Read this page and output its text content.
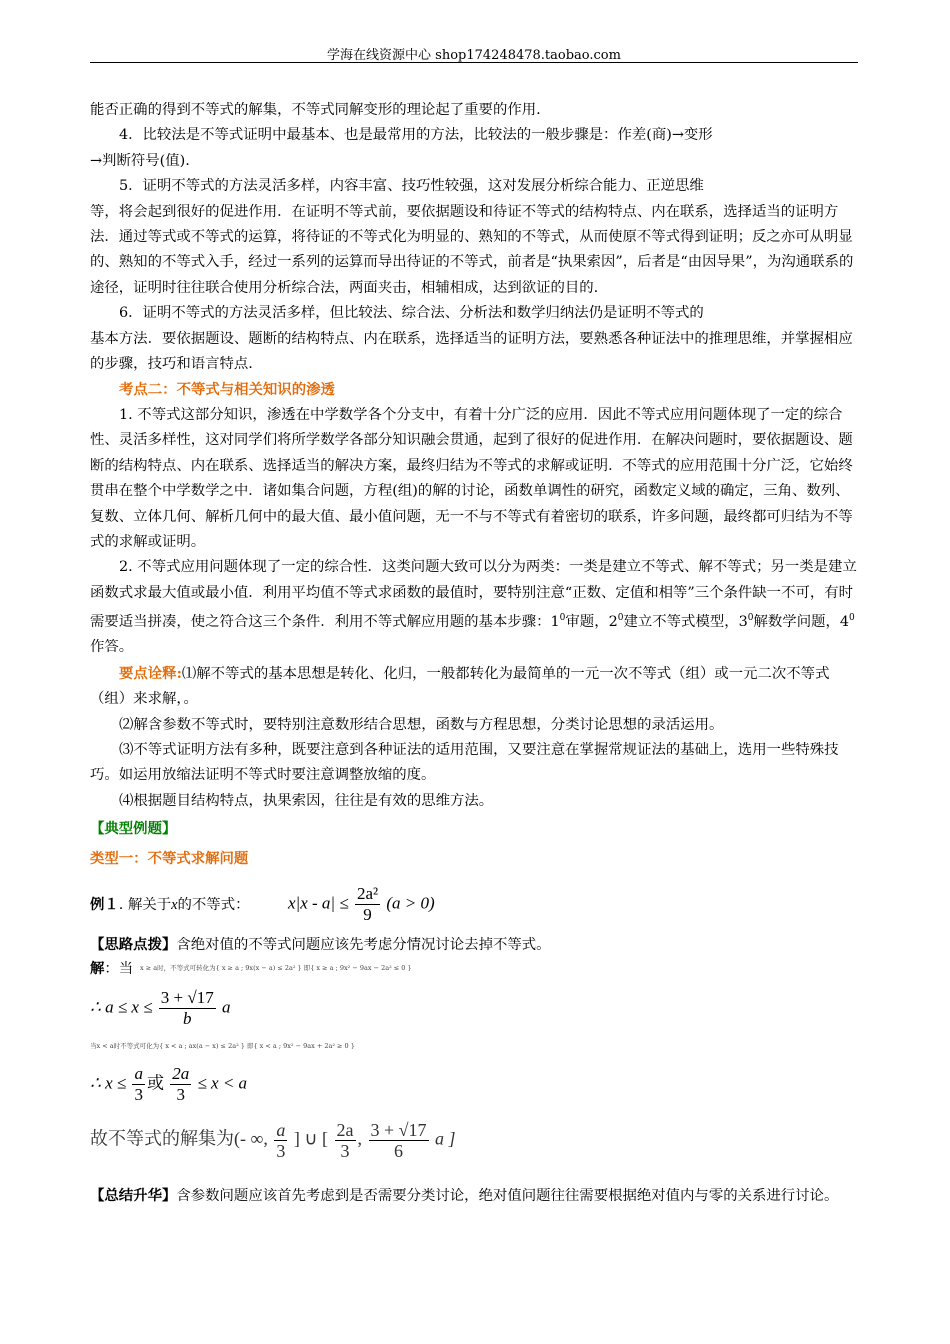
学海在线资源中心 shop174248478.taobao.com

能否正确的得到不等式的解集，不等式同解变形的理论起了重要的作用.

4．比较法是不等式证明中最基本、也是最常用的方法，比较法的一般步骤是：作差(商)→变形

→判断符号(值).

5．证明不等式的方法灵活多样，内容丰富、技巧性较强，这对发展分析综合能力、正逆思维

等，将会起到很好的促进作用．在证明不等式前，要依据题设和待证不等式的结构特点、内在联系，选择适当的证明方法．通过等式或不等式的运算，将待证的不等式化为明显的、熟知的不等式，从而使原不等式得到证明；反之亦可从明显的、熟知的不等式入手，经过一系列的运算而导出待证的不等式，前者是“执果索因”，后者是“由因导果”，为沟通联系的途径，证明时往往联合使用分析综合法，两面夹击，相辅相成，达到欲证的目的.

6．证明不等式的方法灵活多样，但比较法、综合法、分析法和数学归纳法仍是证明不等式的

基本方法．要依据题设、题断的结构特点、内在联系，选择适当的证明方法，要熟悉各种证法中的推理思维，并掌握相应的步骤，技巧和语言特点.

考点二：不等式与相关知识的渗透

1. 不等式这部分知识，渗透在中学数学各个分支中，有着十分广泛的应用．因此不等式应用问题体现了一定的综合性、灵活多样性，这对同学们将所学数学各部分知识融会贯通，起到了很好的促进作用．在解决问题时，要依据题设、题断的结构特点、内在联系、选择适当的解决方案，最终归结为不等式的求解或证明．不等式的应用范围十分广泛，它始终贯串在整个中学数学之中．诸如集合问题，方程(组)的解的讨论，函数单调性的研究，函数定义域的确定，三角、数列、复数、立体几何、解析几何中的最大值、最小值问题，无一不与不等式有着密切的联系，许多问题，最终都可归结为不等式的求解或证明。

2. 不等式应用问题体现了一定的综合性．这类问题大致可以分为两类：一类是建立不等式、解不等式；另一类是建立函数式求最大值或最小值．利用平均值不等式求函数的最值时，要特别注意“正数、定值和相等”三个条件缺一不可，有时需要适当拼凑，使之符合这三个条件．利用不等式解应用题的基本步骤：$1^0$审题，$2^0$建立不等式模型，$3^0$解数学问题，$4^0$作答。

要点诠释:⑴解不等式的基本思想是转化、化归，一般都转化为最简单的一元一次不等式（组）或一元二次不等式（组）来求解，。

⑵解含参数不等式时，要特别注意数形结合思想，函数与方程思想，分类讨论思想的录活运用。

⑶不等式证明方法有多种，既要注意到各种证法的适用范围，又要注意在掌握常规证法的基础上，选用一些特殊技巧。如运用放缩法证明不等式时要注意调整放缩的度。

⑷根据题目结构特点，执果索因，往往是有效的思维方法。

【典型例题】

类型一：不等式求解问题

例１. 解关于x的不等式： $x|x - a| \le \frac{\text{2a²}}{9} (a > 0)$
【思路点拨】含绝对值的不等式问题应该先考虑分情况讨论去掉不等式。
解：当 x ≥ a时，不等式可转化为{ x ≥ a ; 9x(x − a) ≤ 2a² } 即{ x ≥ a ; 9x² − 9ax − 2a² ≤ 0 }
∴ $a \le x \le \frac{3 + √17}{b}$ a
当x < a时不等式可化为{ x < a ; ax(a − x) ≤ 2a² } 即{ x < a ; 9x² − 9ax + 2a² ≥ 0 }
∴ $x \le \frac{a}{3}$ 或 $\frac{2a}{3} \le x < a$
故不等式的解集为(- ∞, $\frac{a}{3}$ ] ∪ [ $\frac{2a}{3}$ , $\frac{3 + √17}{6}$ a ]
【总结升华】含参数问题应该首先考虑到是否需要分类讨论，绝对值问题往往需要根据绝对值内与零的关系进行讨论。
